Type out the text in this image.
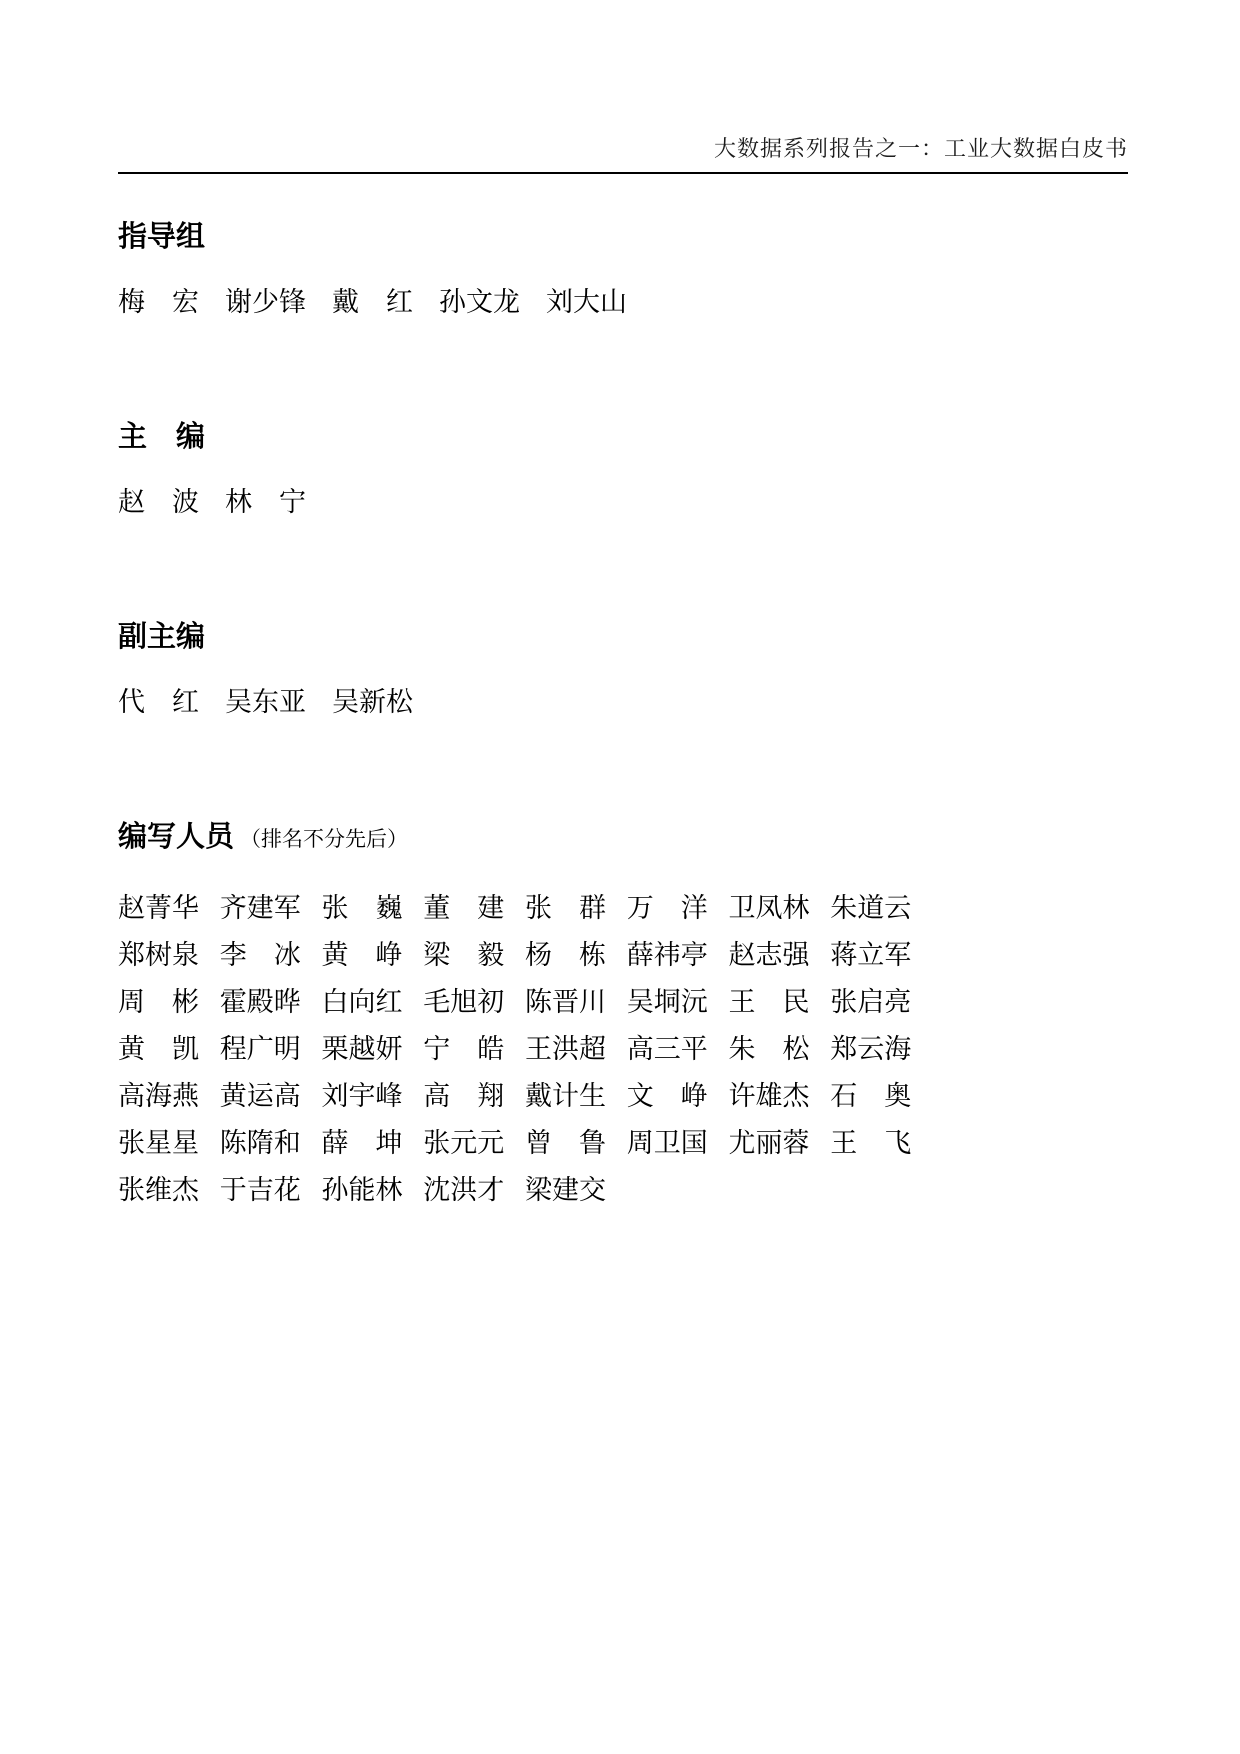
大数据系列报告之一：工业大数据白皮书
指导组
梅　宏 谢少锋 戴　红 孙文龙 刘大山
主　编
赵　波 林　宁
副主编
代　红 吴东亚 吴新松
编写人员 （排名不分先后）
赵菁华 齐建军 张　巍 董　建 张　群 万　洋 卫凤林 朱道云
郑树泉 李　冰 黄　峥 梁　毅 杨　栋 薛祎亭 赵志强 蒋立军
周　彬 霍殿晔 白向红 毛旭初 陈晋川 吴垌沅 王　民 张启亮
黄　凯 程广明 栗越妍 宁　皓 王洪超 高三平 朱　松 郑云海
高海燕 黄运高 刘宇峰 高　翔 戴计生 文　峥 许雄杰 石　奥
张星星 陈隋和 薛　坤 张元元 曾　鲁 周卫国 尤丽蓉 王　飞
张维杰 于吉花 孙能林 沈洪才 梁建交
